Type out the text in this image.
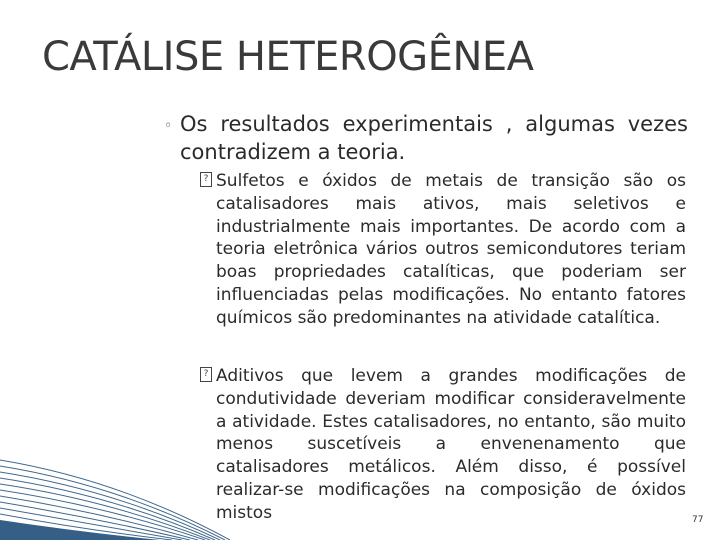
CATÁLISE HETEROGÊNEA
◦ Os resultados experimentais , algumas vezes contradizem a teoria.
? Sulfetos e óxidos de metais de transição são os catalisadores mais ativos, mais seletivos e industrialmente mais importantes. De acordo com a teoria eletrônica vários outros semicondutores teriam boas propriedades catalíticas, que poderiam ser influenciadas pelas modificações. No entanto fatores químicos são predominantes na atividade catalítica.
? Aditivos que levem a grandes modificações de condutividade deveriam modificar consideravelmente a atividade. Estes catalisadores, no entanto, são muito menos suscetíveis a envenenamento que catalisadores metálicos. Além disso, é possível realizar-se modificações na composição de óxidos mistos	77
